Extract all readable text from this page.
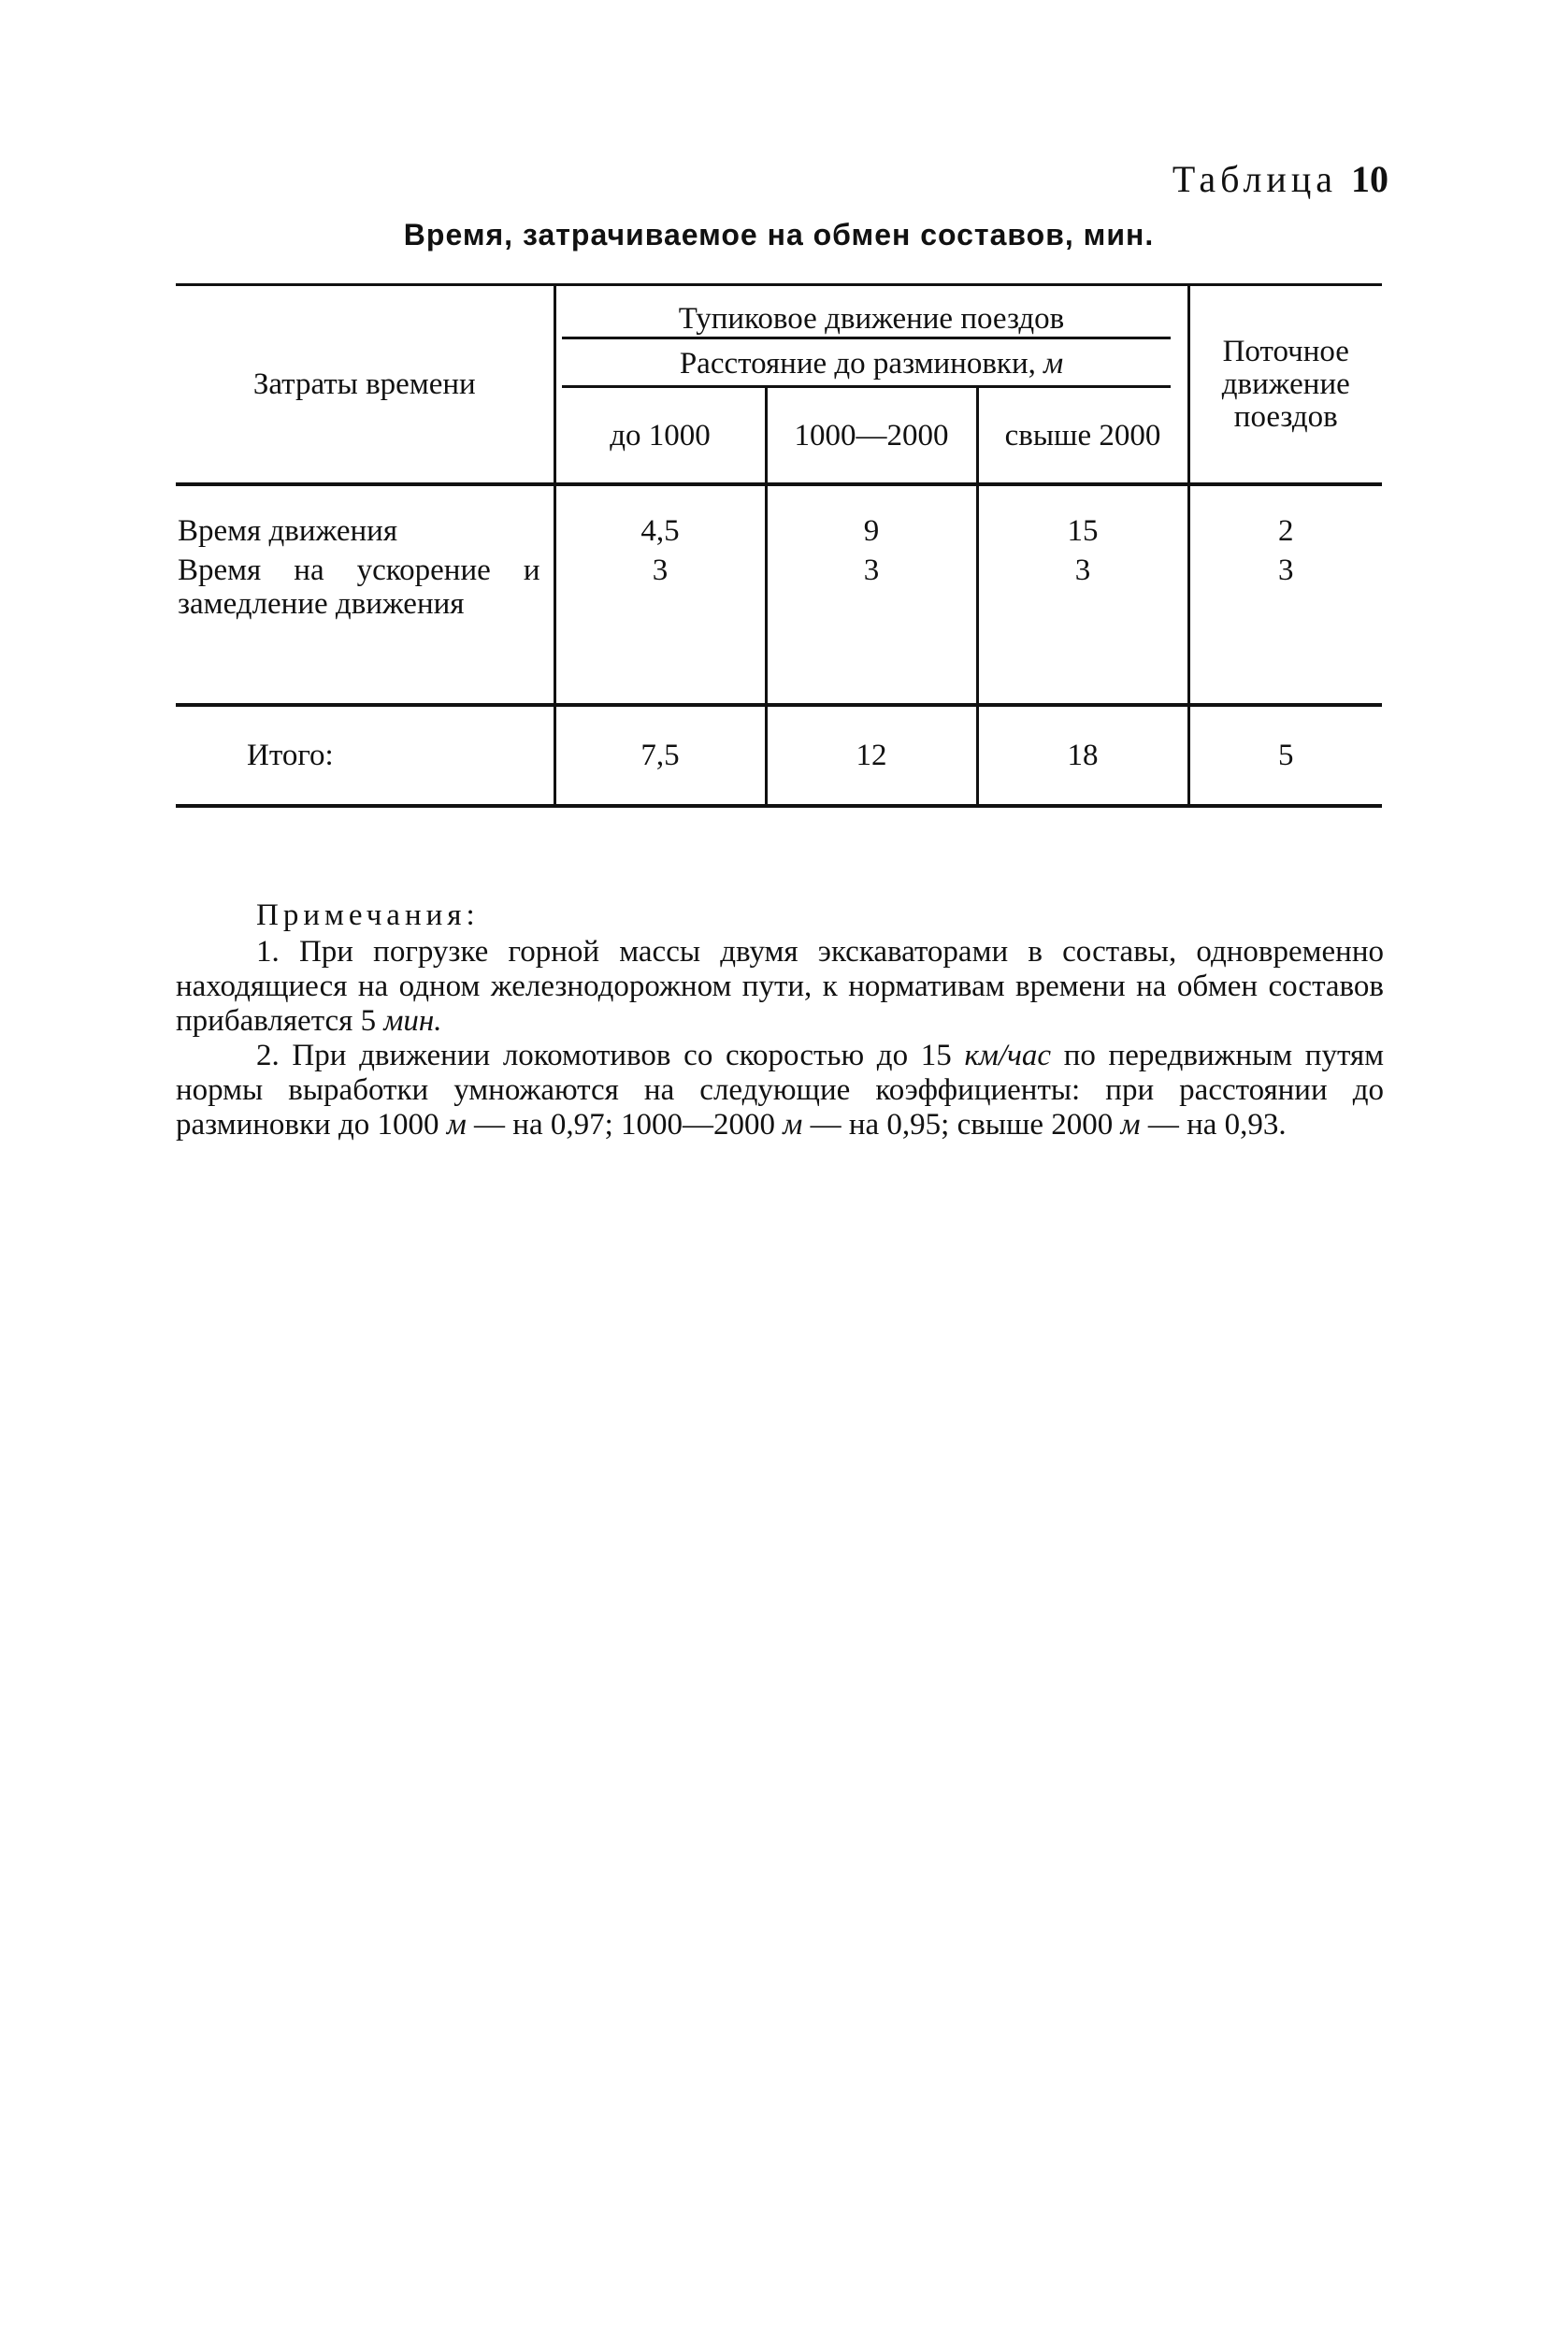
Таблица 10
Время, затрачиваемое на обмен составов, мин.
Затраты времени	Тупиковое движение поездов			Поточное движение поездов
	Расстояние до разминовки, м			
	до 1000	1000—2000	свыше 2000	
Время движения	4,5	9	15	2
Время на ускорение и замедление движения	3	3	3	3
Итого:	7,5	12	18	5

Примечания:

1. При погрузке горной массы двумя экскаваторами в составы, одновременно находящиеся на одном железнодорожном пути, к нормативам времени на обмен составов прибавляется 5 мин.

2. При движении локомотивов со скоростью до 15 км/час по передвижным путям нормы выработки умножаются на следующие коэффициенты: при расстоянии до разминовки до 1000 м — на 0,97; 1000—2000 м — на 0,95; свыше 2000 м — на 0,93.
